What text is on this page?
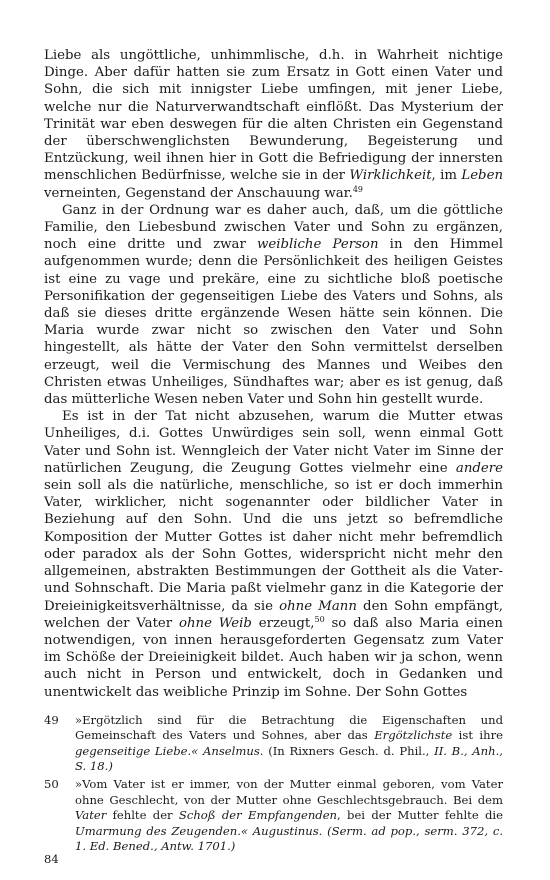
Liebe als ungöttliche, unhimmlische, d.h. in Wahrheit nichtige Dinge. Aber dafür hatten sie zum Ersatz in Gott einen Vater und Sohn, die sich mit innigster Liebe umfingen, mit jener Liebe, welche nur die Naturverwandtschaft einflößt. Das Mysterium der Trinität war eben deswegen für die alten Christen ein Gegenstand der überschwenglichsten Bewunderung, Begeisterung und Entzückung, weil ihnen hier in Gott die Befriedigung der innersten menschlichen Bedürfnisse, welche sie in der Wirklichkeit, im Leben verneinten, Gegenstand der Anschauung war.$^{49}$

Ganz in der Ordnung war es daher auch, daß, um die göttliche Familie, den Liebesbund zwischen Vater und Sohn zu ergänzen, noch eine dritte und zwar weibliche Person in den Himmel aufgenommen wurde; denn die Persönlichkeit des heiligen Geistes ist eine zu vage und prekäre, eine zu sichtliche bloß poetische Personifikation der gegenseitigen Liebe des Vaters und Sohns, als daß sie dieses dritte ergänzende Wesen hätte sein können. Die Maria wurde zwar nicht so zwischen den Vater und Sohn hingestellt, als hätte der Vater den Sohn vermittelst derselben erzeugt, weil die Vermischung des Mannes und Weibes den Christen etwas Unheiliges, Sündhaftes war; aber es ist genug, daß das mütterliche Wesen neben Vater und Sohn hin gestellt wurde.

Es ist in der Tat nicht abzusehen, warum die Mutter etwas Unheiliges, d.i. Gottes Unwürdiges sein soll, wenn einmal Gott Vater und Sohn ist. Wenngleich der Vater nicht Vater im Sinne der natürlichen Zeugung, die Zeugung Gottes vielmehr eine andere sein soll als die natürliche, menschliche, so ist er doch immerhin Vater, wirklicher, nicht sogenannter oder bildlicher Vater in Beziehung auf den Sohn. Und die uns jetzt so befremdliche Komposition der Mutter Gottes ist daher nicht mehr befremdlich oder paradox als der Sohn Gottes, widerspricht nicht mehr den allgemeinen, abstrakten Bestimmungen der Gottheit als die Vater- und Sohnschaft. Die Maria paßt vielmehr ganz in die Kategorie der Dreieinigkeitsverhältnisse, da sie ohne Mann den Sohn empfängt, welchen der Vater ohne Weib erzeugt,$^{50}$ so daß also Maria einen notwendigen, von innen herausgeforderten Gegensatz zum Vater im Schöße der Dreieinigkeit bildet. Auch haben wir ja schon, wenn auch nicht in Person und entwickelt, doch in Gedanken und unentwickelt das weibliche Prinzip im Sohne. Der Sohn Gottes

49	»Ergötzlich sind für die Betrachtung die Eigenschaften und Gemeinschaft des Vaters und Sohnes, aber das Ergötzlichste ist ihre gegenseitige Liebe.« Anselmus. (In Rixners Gesch. d. Phil., II. B., Anh., S. 18.)
50	»Vom Vater ist er immer, von der Mutter einmal geboren, vom Vater ohne Geschlecht, von der Mutter ohne Geschlechtsgebrauch. Bei dem Vater fehlte der Schoß der Empfangenden, bei der Mutter fehlte die Umarmung des Zeugenden.« Augustinus. (Serm. ad pop., serm. 372, c. 1. Ed. Bened., Antw. 1701.)
84
